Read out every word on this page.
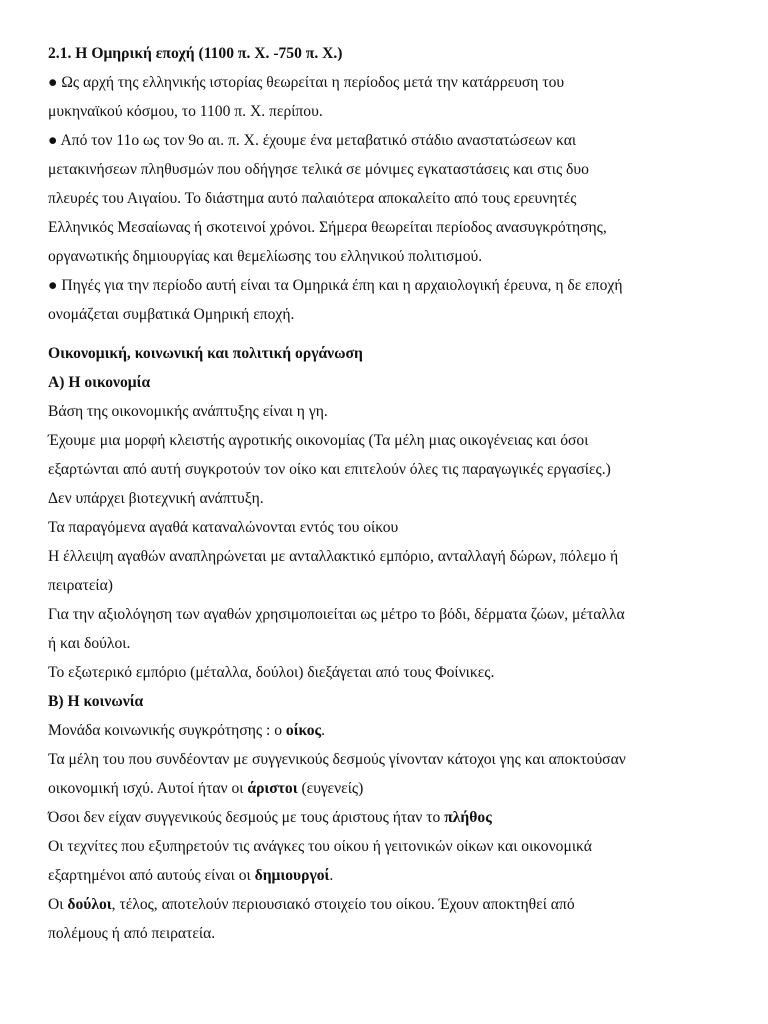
2.1. Η Ομηρική εποχή (1100 π. Χ. -750 π. Χ.)
● Ως αρχή της ελληνικής ιστορίας θεωρείται η περίοδος μετά την κατάρρευση του
μυκηναϊκού κόσμου, το 1100 π. Χ. περίπου.
● Από τον 11ο ως τον 9ο αι. π. Χ. έχουμε ένα μεταβατικό στάδιο αναστατώσεων και
μετακινήσεων πληθυσμών που οδήγησε τελικά σε μόνιμες εγκαταστάσεις και στις δυο
πλευρές του Αιγαίου. Το διάστημα αυτό παλαιότερα αποκαλείτο από τους ερευνητές
Ελληνικός Μεσαίωνας ή σκοτεινοί χρόνοι. Σήμερα θεωρείται περίοδος ανασυγκρότησης,
οργανωτικής δημιουργίας και θεμελίωσης του ελληνικού πολιτισμού.
● Πηγές για την περίοδο αυτή είναι τα Ομηρικά έπη και η αρχαιολογική έρευνα, η δε εποχή
ονομάζεται συμβατικά Ομηρική εποχή.
Οικονομική, κοινωνική και πολιτική οργάνωση
Α) Η οικονομία
Βάση της οικονομικής ανάπτυξης είναι η γη.
Έχουμε μια μορφή κλειστής αγροτικής οικονομίας (Τα μέλη μιας οικογένειας και όσοι
εξαρτώνται από αυτή συγκροτούν τον οίκο και επιτελούν όλες τις παραγωγικές εργασίες.)
Δεν υπάρχει βιοτεχνική ανάπτυξη.
Τα παραγόμενα αγαθά καταναλώνονται εντός του οίκου
Η έλλειψη αγαθών αναπληρώνεται με ανταλλακτικό εμπόριο, ανταλλαγή δώρων, πόλεμο ή
πειρατεία)
Για την αξιολόγηση των αγαθών χρησιμοποιείται ως μέτρο το βόδι, δέρματα ζώων, μέταλλα
ή και δούλοι.
Το εξωτερικό εμπόριο (μέταλλα, δούλοι) διεξάγεται από τους Φοίνικες.
Β) Η κοινωνία
Μονάδα κοινωνικής συγκρότησης : ο οίκος.
Τα μέλη του που συνδέονταν με συγγενικούς δεσμούς γίνονταν κάτοχοι γης και αποκτούσαν
οικονομική ισχύ. Αυτοί ήταν οι άριστοι (ευγενείς)
Όσοι δεν είχαν συγγενικούς δεσμούς με τους άριστους ήταν το πλήθος
Οι τεχνίτες που εξυπηρετούν τις ανάγκες του οίκου ή γειτονικών οίκων και οικονομικά
εξαρτημένοι από αυτούς είναι οι δημιουργοί.
Οι δούλοι, τέλος, αποτελούν περιουσιακό στοιχείο του οίκου. Έχουν αποκτηθεί από
πολέμους ή από πειρατεία.
